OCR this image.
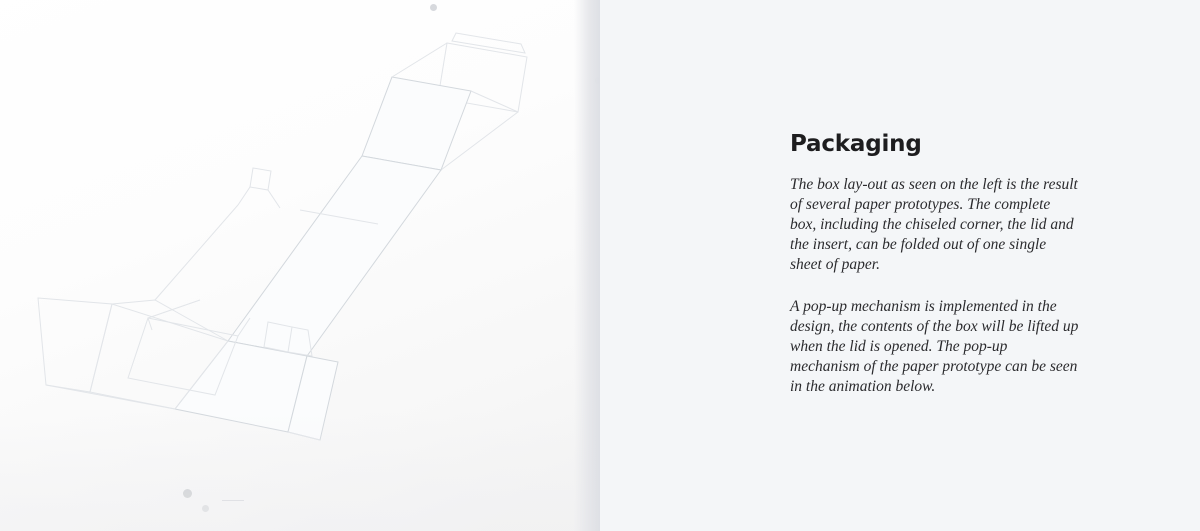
Packaging

The box lay-out as seen on the left is the result of several paper prototypes. The complete box, including the chiseled corner, the lid and the insert, can be folded out of one single sheet of paper.

A pop-up mechanism is implemented in the design, the contents of the box will be lifted up when the lid is opened. The pop-up mechanism of the paper prototype can be seen in the animation below.
